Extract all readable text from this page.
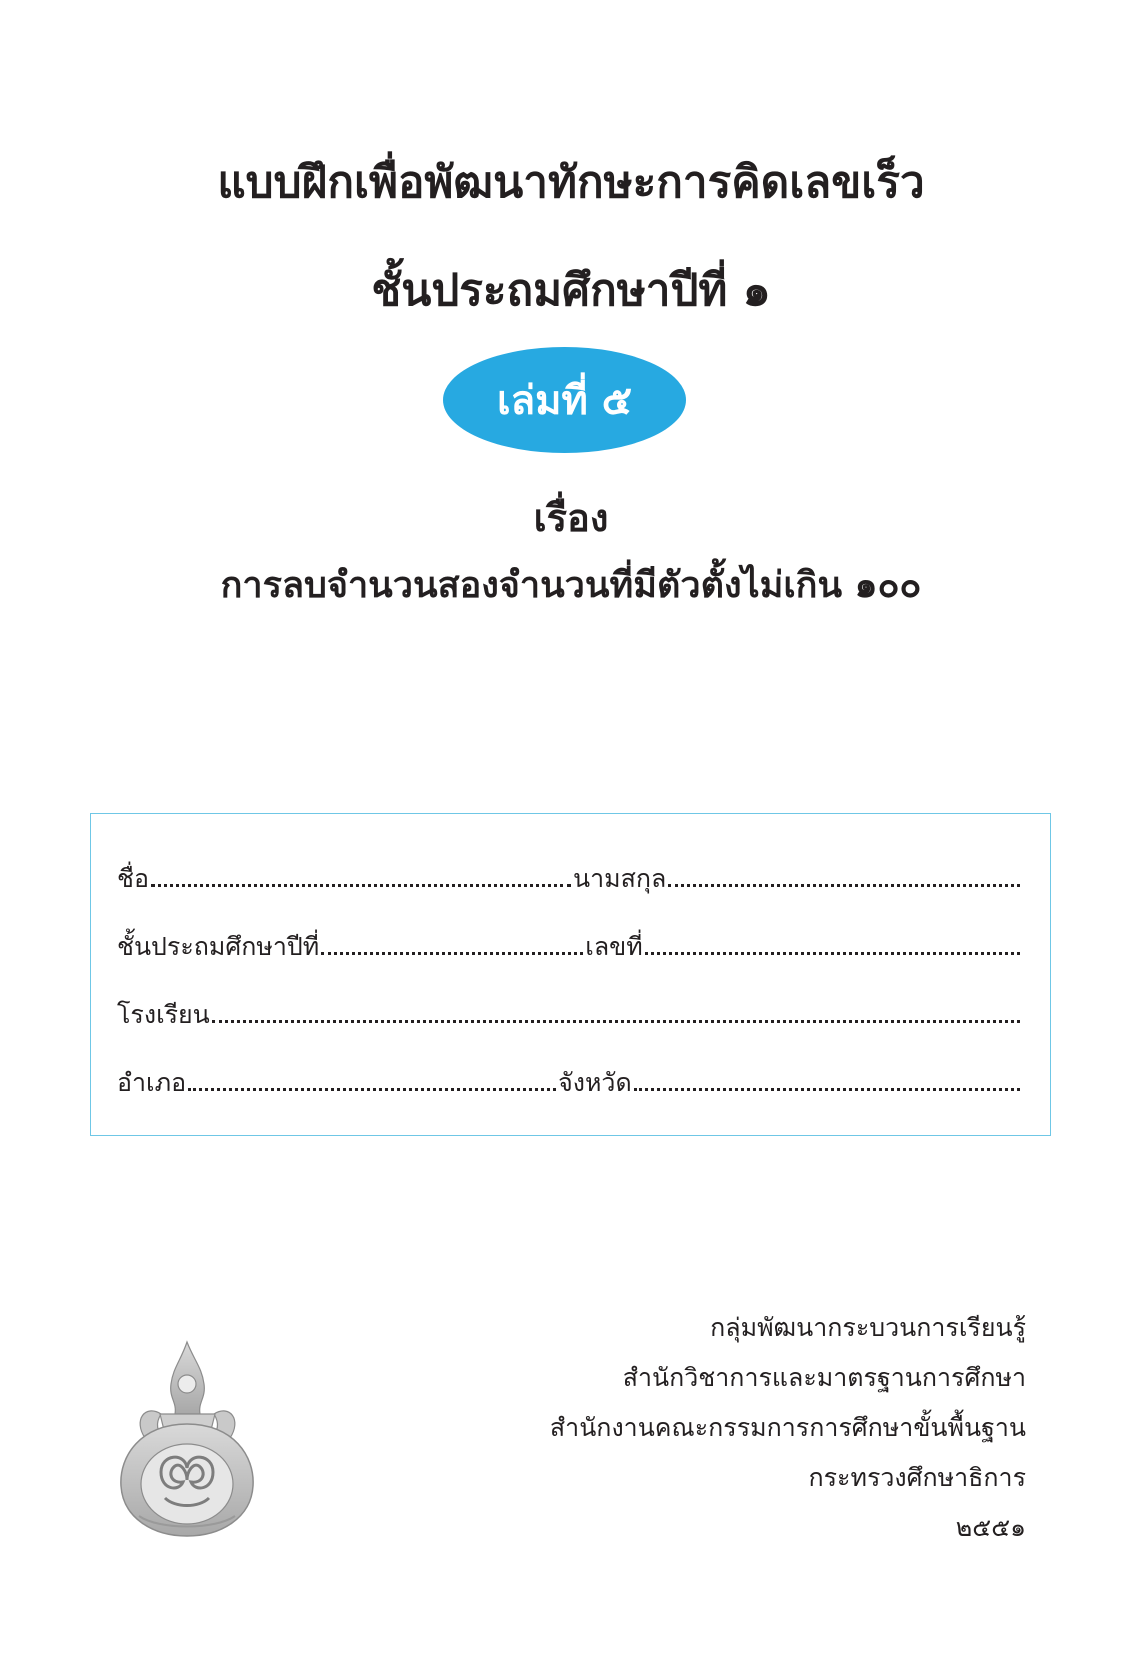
แบบฝึกเพื่อพัฒนาทักษะการคิดเลขเร็ว
ชั้นประถมศึกษาปีที่ ๑
เล่มที่ ๕
เรื่อง
การลบจำนวนสองจำนวนที่มีตัวตั้งไม่เกิน ๑๐๐
ชื่อ	นามสกุล
ชั้นประถมศึกษาปีที่	เลขที่
โรงเรียน
อำเภอ	จังหวัด
กลุ่มพัฒนากระบวนการเรียนรู้
สำนักวิชาการและมาตรฐานการศึกษา
สำนักงานคณะกรรมการการศึกษาขั้นพื้นฐาน
กระทรวงศึกษาธิการ
๒๕๕๑
